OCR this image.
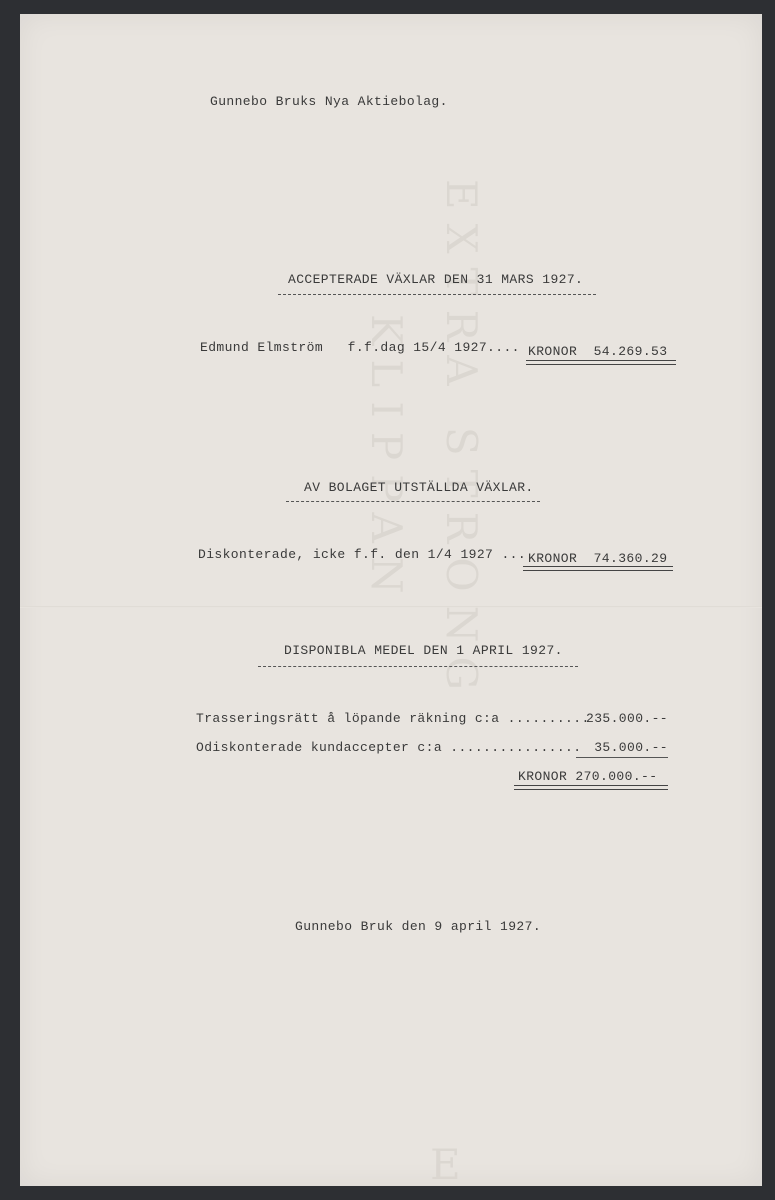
EXTRA STRONG
KLIPPAN
E
Gunnebo Bruks Nya Aktiebolag.
ACCEPTERADE VÄXLAR DEN 31 MARS 1927.
Edmund Elmström   f.f.dag 15/4 1927.... KRONOR  54.269.53
AV BOLAGET UTSTÄLLDA VÄXLAR.
Diskonterade, icke f.f. den 1/4 1927 ... KRONOR  74.360.29
DISPONIBLA MEDEL DEN 1 APRIL 1927.
Trasseringsrätt å löpande räkning c:a ..........
235.000.--
Odiskonterade kundaccepter c:a ................ 35.000.--
KRONOR 270.000.--
Gunnebo Bruk den 9 april 1927.
